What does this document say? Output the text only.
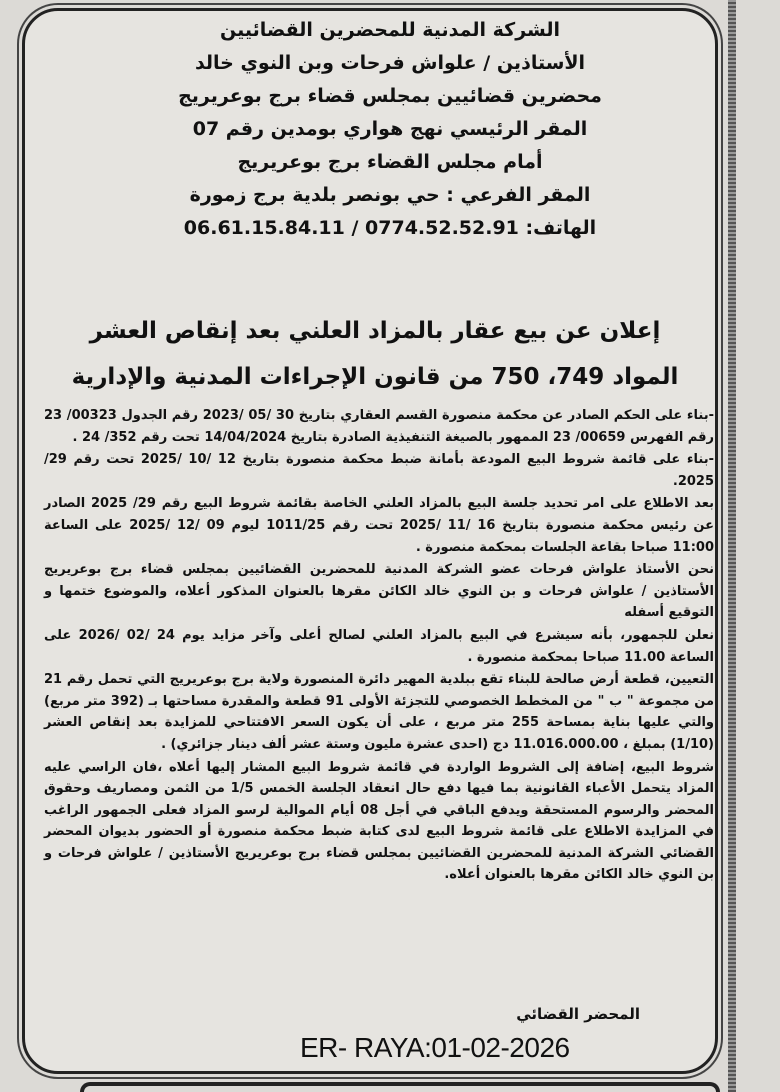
الشركة المدنية للمحضرين القضائيين
الأستاذين / علواش فرحات وبن النوي خالد
محضرين قضائيين بمجلس قضاء برج بوعريريج
المقر الرئيسي نهج هواري بومدين رقم 07
أمام مجلس القضاء برج بوعريريج
المقر الفرعي : حي بونصر بلدية برج زمورة
الهاتف: 0774.52.52.91 / 06.61.15.84.11
إعلان عن بيع عقار بالمزاد العلني بعد إنقاص العشر
المواد 749، 750 من قانون الإجراءات المدنية والإدارية

-بناء على الحكم الصادر عن محكمة منصورة القسم العقاري بتاريخ 30 /05 /2023 رقم الجدول 00323/ 23 رقم الفهرس 00659/ 23 الممهور بالصيغة التنفيذية الصادرة بتاريخ 14/04/2024 تحت رقم 352/ 24 .

-بناء على قائمة شروط البيع المودعة بأمانة ضبط محكمة منصورة بتاريخ 12 /10 /2025 تحت رقم 29/ 2025.

بعد الاطلاع على امر تحديد جلسة البيع بالمزاد العلني الخاصة بقائمة شروط البيع رقم 29/ 2025 الصادر عن رئيس محكمة منصورة بتاريخ 16 /11 /2025 تحت رقم 1011/25 ليوم 09 /12 /2025 على الساعة 11:00 صباحا بقاعة الجلسات بمحكمة منصورة .

نحن الأستاذ علواش فرحات عضو الشركة المدنية للمحضرين القضائيين بمجلس قضاء برج بوعريريج الأستاذين / علواش فرحات و بن النوي خالد الكائن مقرها بالعنوان المذكور أعلاه، والموضوع ختمها و التوقيع أسفله

نعلن للجمهور، بأنه سيشرع في البيع بالمزاد العلني لصالح أعلى وآخر مزايد يوم 24 /02 /2026 على الساعة 11.00 صباحا بمحكمة منصورة .

التعيين، قطعة أرض صالحة للبناء تقع ببلدية المهير دائرة المنصورة ولاية برج بوعريريج التي تحمل رقم 21 من مجموعة " ب " من المخطط الخصوصي للتجزئة الأولى 91 قطعة والمقدرة مساحتها بـ (392 متر مربع) والتي عليها بناية بمساحة 255 متر مربع ، على أن يكون السعر الافتتاحي للمزايدة بعد إنقاص العشر (1/10) بمبلغ ، 11.016.000.00 دج (احدى عشرة مليون وستة عشر ألف دينار جزائري) .

شروط البيع، إضافة إلى الشروط الواردة في قائمة شروط البيع المشار إليها أعلاه ،فان الراسي عليه المزاد يتحمل الأعباء القانونية بما فيها دفع حال انعقاد الجلسة الخمس 1/5 من الثمن ومصاريف وحقوق المحضر والرسوم المستحقة ويدفع الباقي في أجل 08 أيام الموالية لرسو المزاد فعلى الجمهور الراغب في المزايدة الاطلاع على قائمة شروط البيع لدى كتابة ضبط محكمة منصورة أو الحضور بديوان المحضر القضائي الشركة المدنية للمحضرين القضائيين بمجلس قضاء برج بوعريريج الأستاذين / علواش فرحات و بن النوي خالد الكائن مقرها بالعنوان أعلاه.

المحضر القضائي
ER- RAYA:01-02-2026
